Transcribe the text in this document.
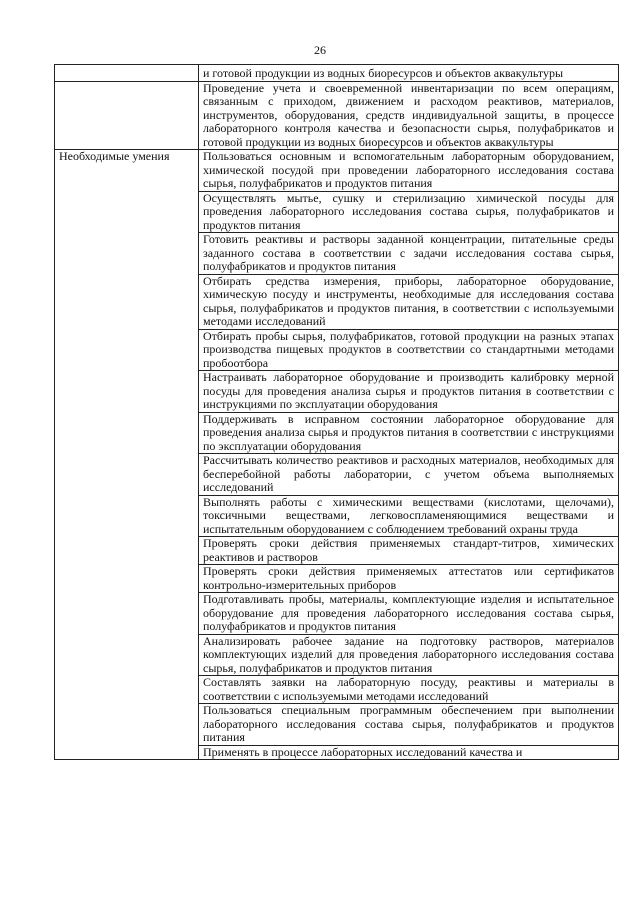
26
	и готовой продукции из водных биоресурсов и объектов аквакультуры
	Проведение учета и своевременной инвентаризации по всем операциям, связанным с приходом, движением и расходом реактивов, материалов, инструментов, оборудования, средств индивидуальной защиты, в процессе лабораторного контроля качества и безопасности сырья, полуфабрикатов и готовой продукции из водных биоресурсов и объектов аквакультуры
Необходимые умения	Пользоваться основным и вспомогательным лабораторным оборудованием, химической посудой при проведении лабораторного исследования состава сырья, полуфабрикатов и продуктов питания
	Осуществлять мытье, сушку и стерилизацию химической посуды для проведения лабораторного исследования состава сырья, полуфабрикатов и продуктов питания
	Готовить реактивы и растворы заданной концентрации, питательные среды заданного состава в соответствии с задачи исследования состава сырья, полуфабрикатов и продуктов питания
	Отбирать средства измерения, приборы, лабораторное оборудование, химическую посуду и инструменты, необходимые для исследования состава сырья, полуфабрикатов и продуктов питания, в соответствии с используемыми методами исследований
	Отбирать пробы сырья, полуфабрикатов, готовой продукции на разных этапах производства пищевых продуктов в соответствии со стандартными методами пробоотбора
	Настраивать лабораторное оборудование и производить калибровку мерной посуды для проведения анализа сырья и продуктов питания в соответствии с инструкциями по эксплуатации оборудования
	Поддерживать в исправном состоянии лабораторное оборудование для проведения анализа сырья и продуктов питания в соответствии с инструкциями по эксплуатации оборудования
	Рассчитывать количество реактивов и расходных материалов, необходимых для бесперебойной работы лаборатории, с учетом объема выполняемых исследований
	Выполнять работы с химическими веществами (кислотами, щелочами), токсичными веществами, легковоспламеняющимися веществами и испытательным оборудованием с соблюдением требований охраны труда
	Проверять сроки действия применяемых стандарт-титров, химических реактивов и растворов
	Проверять сроки действия применяемых аттестатов или сертификатов контрольно-измерительных приборов
	Подготавливать пробы, материалы, комплектующие изделия и испытательное оборудование для проведения лабораторного исследования состава сырья, полуфабрикатов и продуктов питания
	Анализировать рабочее задание на подготовку растворов, материалов комплектующих изделий для проведения лабораторного исследования состава сырья, полуфабрикатов и продуктов питания
	Составлять заявки на лабораторную посуду, реактивы и материалы в соответствии с используемыми методами исследований
	Пользоваться специальным программным обеспечением при выполнении лабораторного исследования состава сырья, полуфабрикатов и продуктов питания
	Применять в процессе лабораторных исследований качества и
